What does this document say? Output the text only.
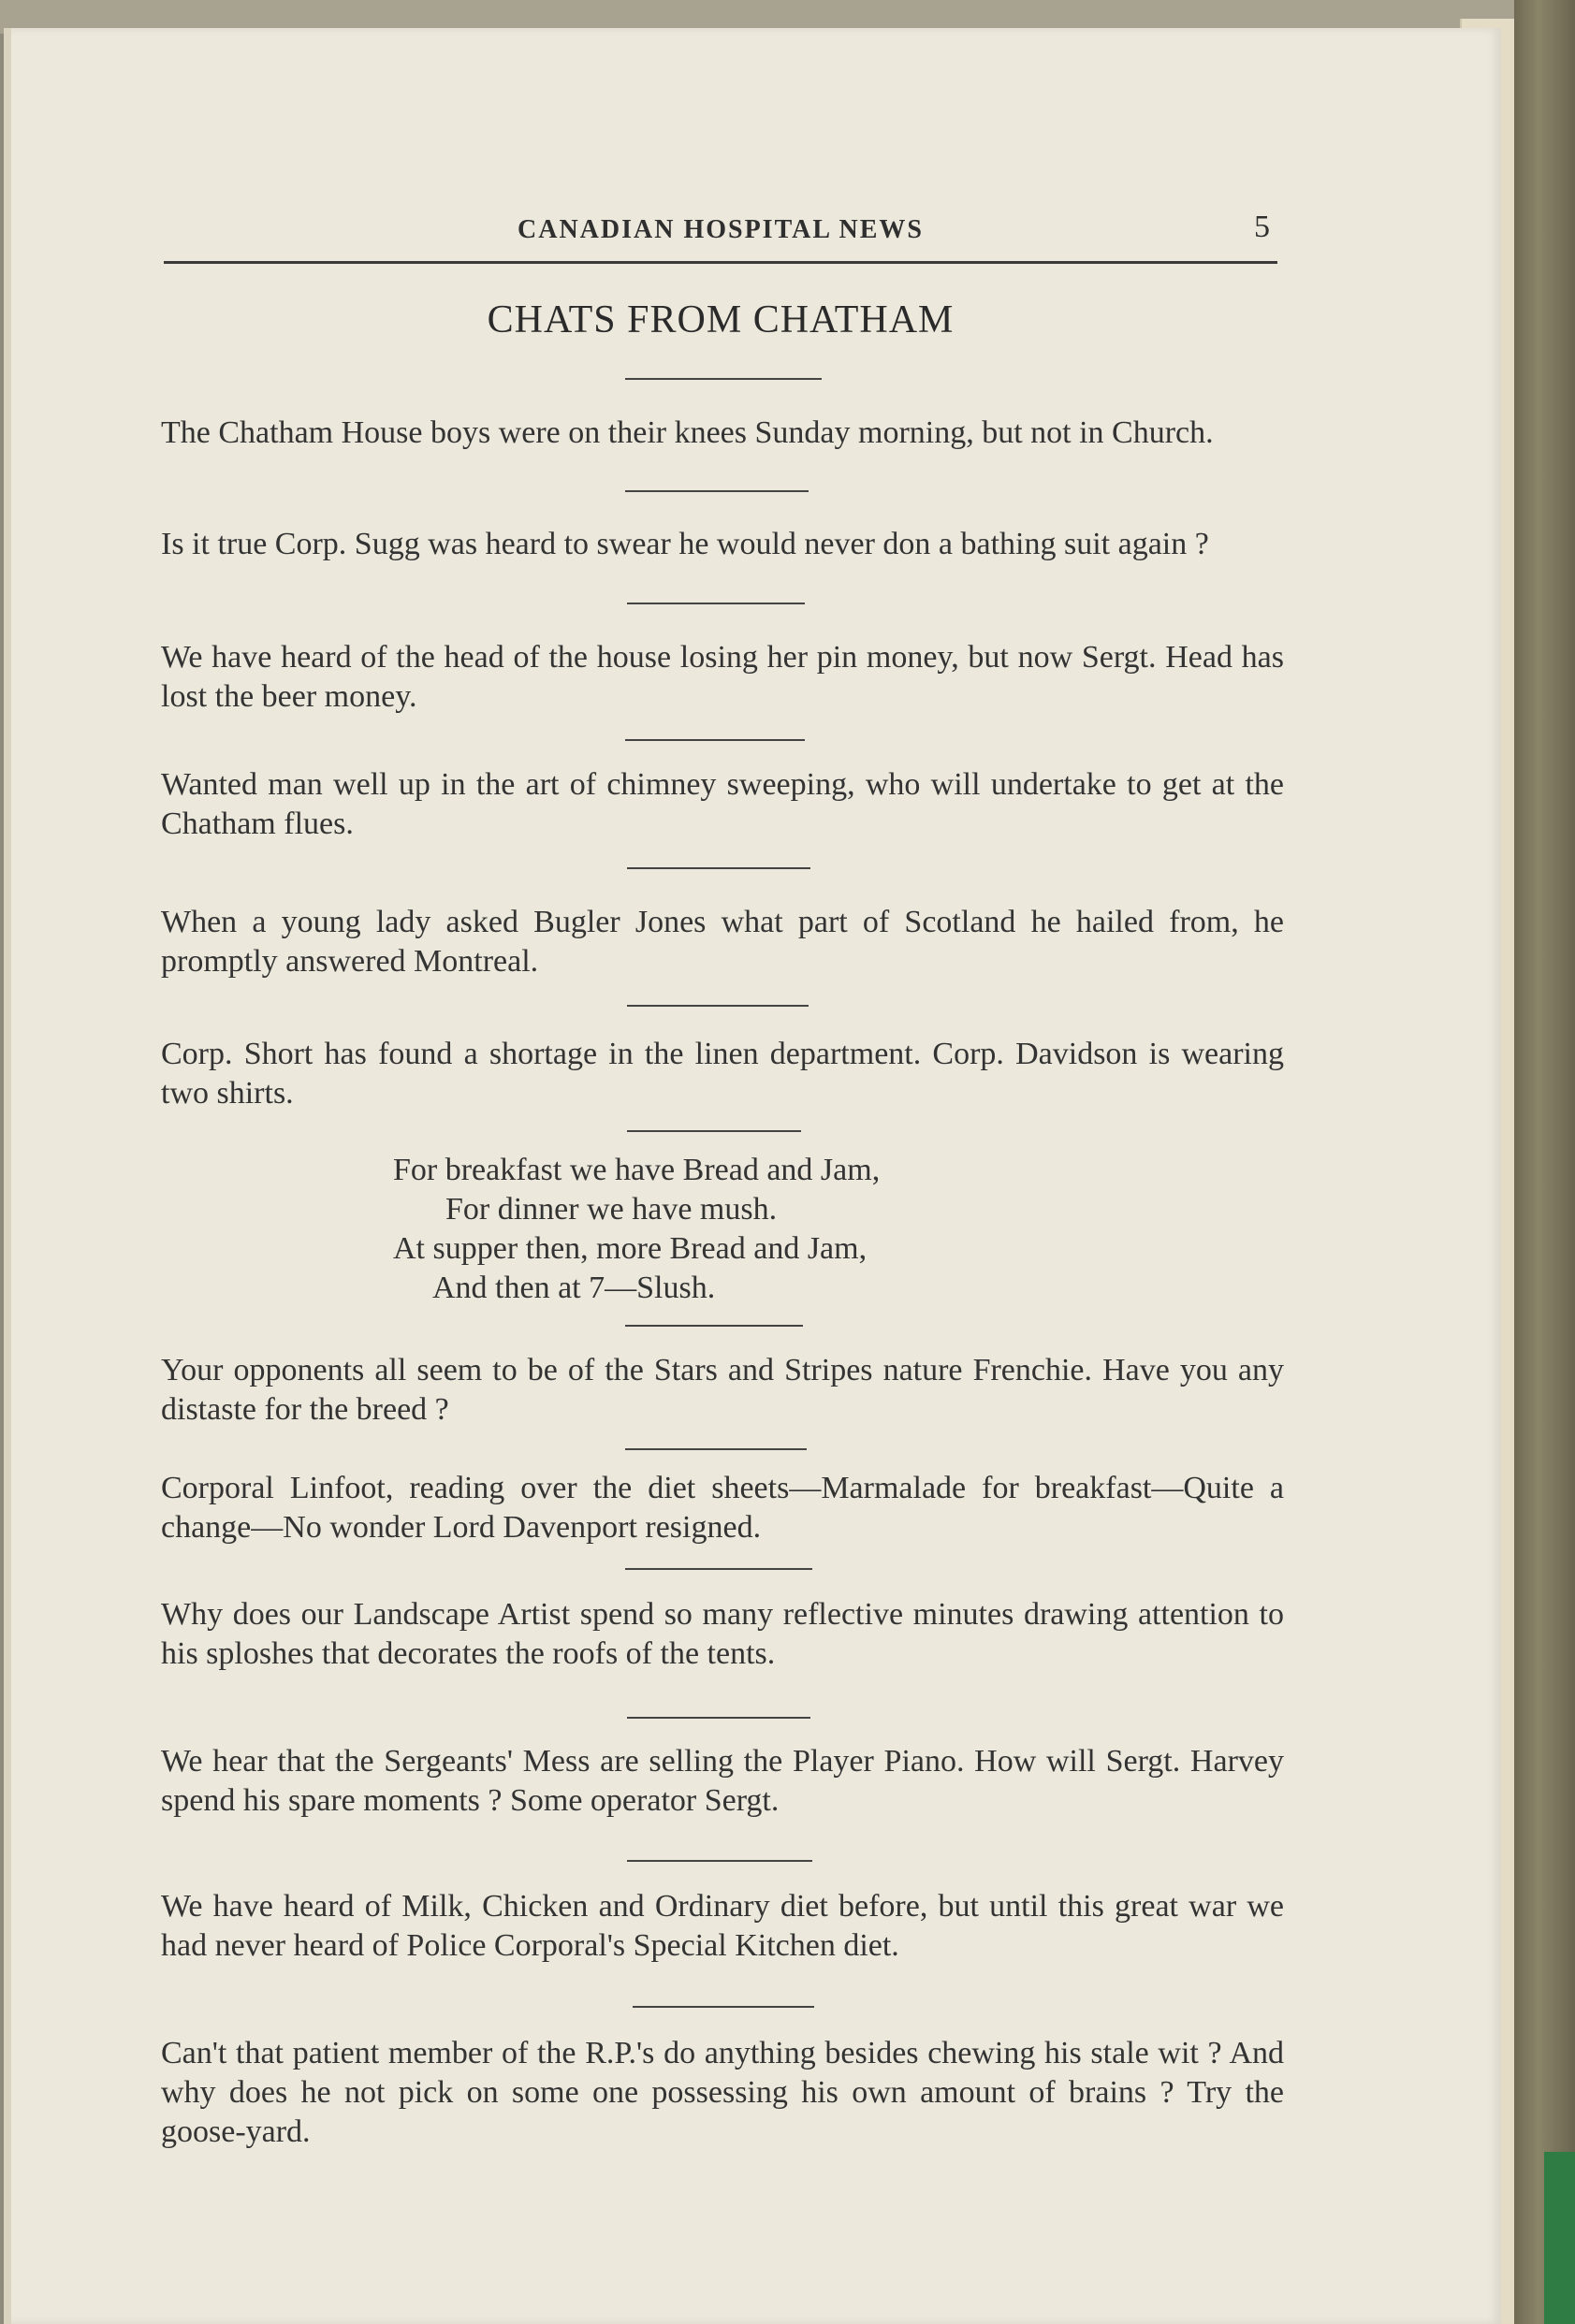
CANADIAN HOSPITAL NEWS	5
CHATS FROM CHATHAM
The Chatham House boys were on their knees Sunday morning, but not in Church.
Is it true Corp. Sugg was heard to swear he would never don a bathing suit again ?
We have heard of the head of the house losing her pin money, but now Sergt. Head has lost the beer money.
Wanted man well up in the art of chimney sweeping, who will undertake to get at the Chatham flues.
When a young lady asked Bugler Jones what part of Scotland he hailed from, he promptly answered Montreal.
Corp. Short has found a shortage in the linen department. Corp. Davidson is wearing two shirts.
For breakfast we have Bread and Jam,
For dinner we have mush.
At supper then, more Bread and Jam,
And then at 7—Slush.
Your opponents all seem to be of the Stars and Stripes nature Frenchie. Have you any distaste for the breed ?
Corporal Linfoot, reading over the diet sheets—Marmalade for breakfast—Quite a change—No wonder Lord Davenport resigned.
Why does our Landscape Artist spend so many reflective minutes drawing attention to his sploshes that decorates the roofs of the tents.
We hear that the Sergeants' Mess are selling the Player Piano. How will Sergt. Harvey spend his spare moments ? Some operator Sergt.
We have heard of Milk, Chicken and Ordinary diet before, but until this great war we had never heard of Police Corporal's Special Kitchen diet.
Can't that patient member of the R.P.'s do anything besides chewing his stale wit ? And why does he not pick on some one possessing his own amount of brains ? Try the goose-yard.
